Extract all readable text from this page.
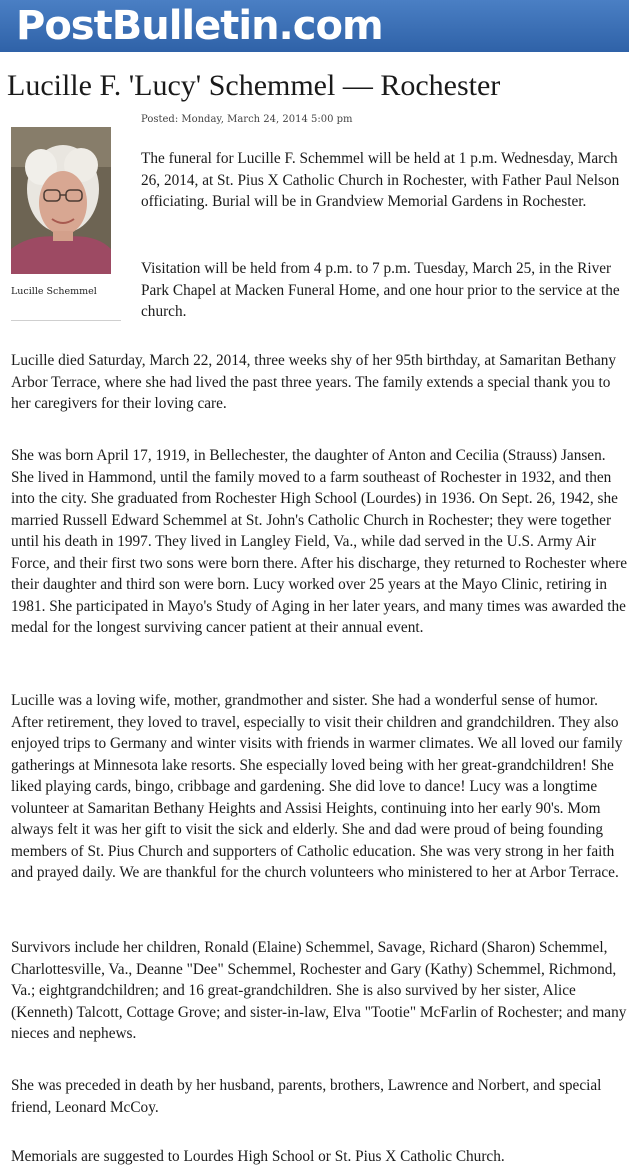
PostBulletin.com
Lucille F. 'Lucy' Schemmel — Rochester
Posted: Monday, March 24, 2014 5:00 pm
Lucille Schemmel

The funeral for Lucille F. Schemmel will be held at 1 p.m. Wednesday, March 26, 2014, at St. Pius X Catholic Church in Rochester, with Father Paul Nelson officiating. Burial will be in Grandview Memorial Gardens in Rochester.

Visitation will be held from 4 p.m. to 7 p.m. Tuesday, March 25, in the River Park Chapel at Macken Funeral Home, and one hour prior to the service at the church.

Lucille died Saturday, March 22, 2014, three weeks shy of her 95th birthday, at Samaritan Bethany Arbor Terrace, where she had lived the past three years. The family extends a special thank you to her caregivers for their loving care.

She was born April 17, 1919, in Bellechester, the daughter of Anton and Cecilia (Strauss) Jansen. She lived in Hammond, until the family moved to a farm southeast of Rochester in 1932, and then into the city. She graduated from Rochester High School (Lourdes) in 1936. On Sept. 26, 1942, she married Russell Edward Schemmel at St. John's Catholic Church in Rochester; they were together until his death in 1997. They lived in Langley Field, Va., while dad served in the U.S. Army Air Force, and their first two sons were born there. After his discharge, they returned to Rochester where their daughter and third son were born. Lucy worked over 25 years at the Mayo Clinic, retiring in 1981. She participated in Mayo's Study of Aging in her later years, and many times was awarded the medal for the longest surviving cancer patient at their annual event.

Lucille was a loving wife, mother, grandmother and sister. She had a wonderful sense of humor. After retirement, they loved to travel, especially to visit their children and grandchildren. They also enjoyed trips to Germany and winter visits with friends in warmer climates. We all loved our family gatherings at Minnesota lake resorts. She especially loved being with her great-grandchildren! She liked playing cards, bingo, cribbage and gardening. She did love to dance! Lucy was a longtime volunteer at Samaritan Bethany Heights and Assisi Heights, continuing into her early 90's. Mom always felt it was her gift to visit the sick and elderly. She and dad were proud of being founding members of St. Pius Church and supporters of Catholic education. She was very strong in her faith and prayed daily. We are thankful for the church volunteers who ministered to her at Arbor Terrace.

Survivors include her children, Ronald (Elaine) Schemmel, Savage, Richard (Sharon) Schemmel, Charlottesville, Va., Deanne "Dee" Schemmel, Rochester and Gary (Kathy) Schemmel, Richmond, Va.; eightgrandchildren; and 16 great-grandchildren. She is also survived by her sister, Alice (Kenneth) Talcott, Cottage Grove; and sister-in-law, Elva "Tootie" McFarlin of Rochester; and many nieces and nephews.

She was preceded in death by her husband, parents, brothers, Lawrence and Norbert, and special friend, Leonard McCoy.

Memorials are suggested to Lourdes High School or St. Pius X Catholic Church.
